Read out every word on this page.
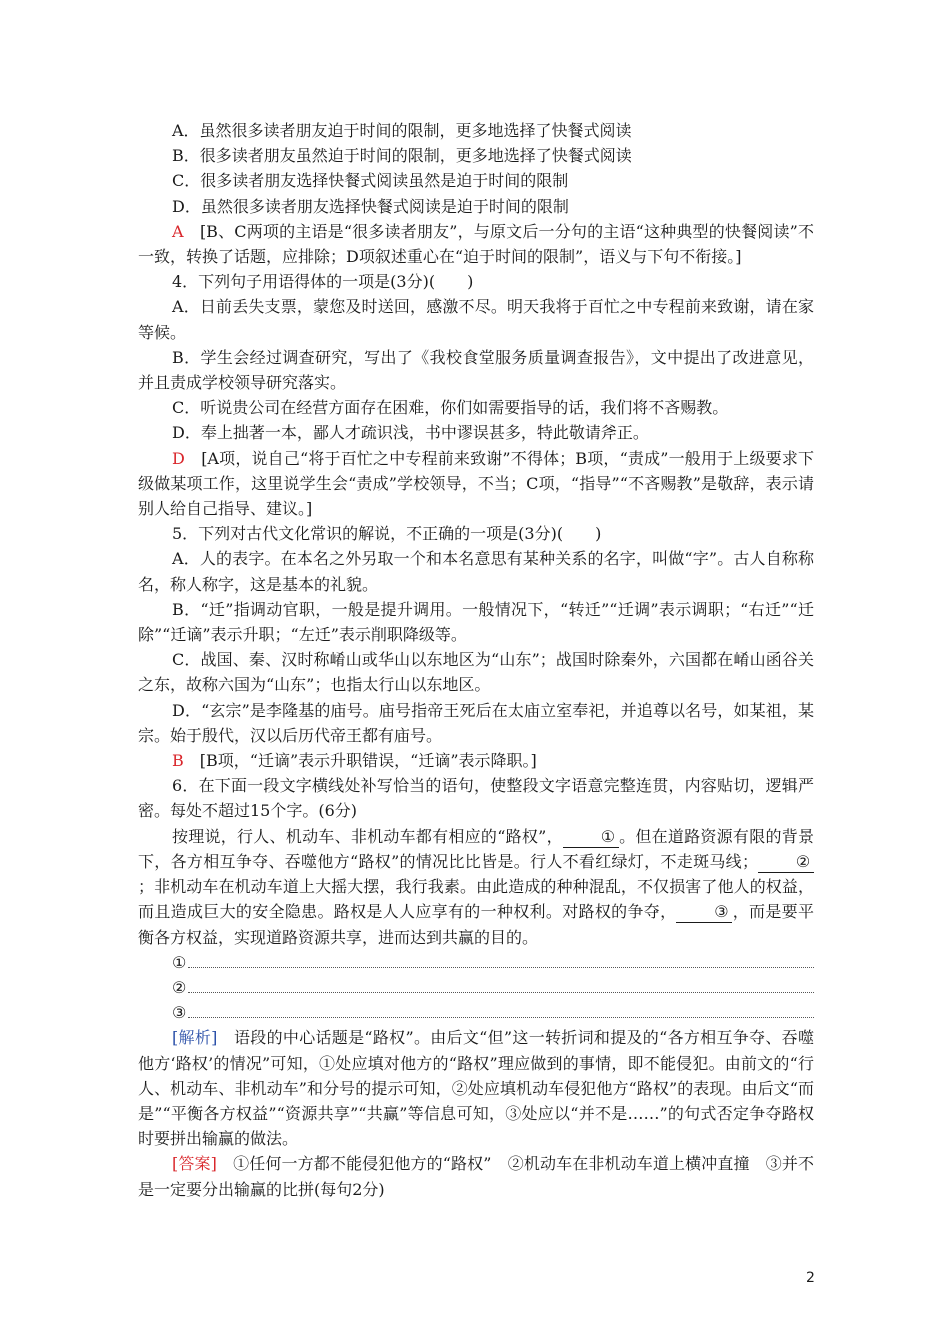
A．虽然很多读者朋友迫于时间的限制，更多地选择了快餐式阅读

B．很多读者朋友虽然迫于时间的限制，更多地选择了快餐式阅读

C．很多读者朋友选择快餐式阅读虽然是迫于时间的限制

D．虽然很多读者朋友选择快餐式阅读是迫于时间的限制

A　 [B、C两项的主语是“很多读者朋友”，与原文后一分句的主语“这种典型的快餐阅读”不一致，转换了话题，应排除；D项叙述重心在“迫于时间的限制”，语义与下句不衔接。]

4．下列句子用语得体的一项是(3分)(　　)

A．日前丢失支票，蒙您及时送回，感激不尽。明天我将于百忙之中专程前来致谢，请在家等候。

B．学生会经过调查研究，写出了《我校食堂服务质量调查报告》，文中提出了改进意见，并且责成学校领导研究落实。

C．听说贵公司在经营方面存在困难，你们如需要指导的话，我们将不吝赐教。

D．奉上拙著一本，鄙人才疏识浅，书中谬误甚多，特此敬请斧正。

D　 [A项，说自己“将于百忙之中专程前来致谢”不得体；B项，“责成”一般用于上级要求下级做某项工作，这里说学生会“责成”学校领导，不当；C项，“指导”“不吝赐教”是敬辞，表示请别人给自己指导、建议。]

5．下列对古代文化常识的解说，不正确的一项是(3分)(　　)

A．人的表字。在本名之外另取一个和本名意思有某种关系的名字，叫做“字”。古人自称称名，称人称字，这是基本的礼貌。

B．“迁”指调动官职，一般是提升调用。一般情况下，“转迁”“迁调”表示调职；“右迁”“迁除”“迁谪”表示升职；“左迁”表示削职降级等。

C．战国、秦、汉时称崤山或华山以东地区为“山东”；战国时除秦外，六国都在崤山函谷关之东，故称六国为“山东”；也指太行山以东地区。

D．“玄宗”是李隆基的庙号。庙号指帝王死后在太庙立室奉祀，并追尊以名号，如某祖，某宗。始于殷代，汉以后历代帝王都有庙号。

B　 [B项，“迁谪”表示升职错误，“迁谪”表示降职。]

6．在下面一段文字横线处补写恰当的语句，使整段文字语意完整连贯，内容贴切，逻辑严密。每处不超过15个字。(6分)

按理说，行人、机动车、非机动车都有相应的“路权”， ① 。但在道路资源有限的背景下，各方相互争夺、吞噬他方“路权”的情况比比皆是。行人不看红绿灯，不走斑马线； ②；非机动车在机动车道上大摇大摆，我行我素。由此造成的种种混乱，不仅损害了他人的权益，而且造成巨大的安全隐患。路权是人人应享有的一种权利。对路权的争夺， ③ ，而是要平衡各方权益，实现道路资源共享，进而达到共赢的目的。

①
②
③

[解析]　 语段的中心话题是“路权”。由后文“但”这一转折词和提及的“各方相互争夺、吞噬他方‘路权’的情况”可知，①处应填对他方的“路权”理应做到的事情，即不能侵犯。由前文的“行人、机动车、非机动车”和分号的提示可知，②处应填机动车侵犯他方“路权”的表现。由后文“而是”“平衡各方权益”“资源共享”“共赢”等信息可知，③处应以“并不是……”的句式否定争夺路权时要拼出输赢的做法。

[答案]　 ①任何一方都不能侵犯他方的“路权”　②机动车在非机动车道上横冲直撞　③并不是一定要分出输赢的比拼(每句2分)

2
